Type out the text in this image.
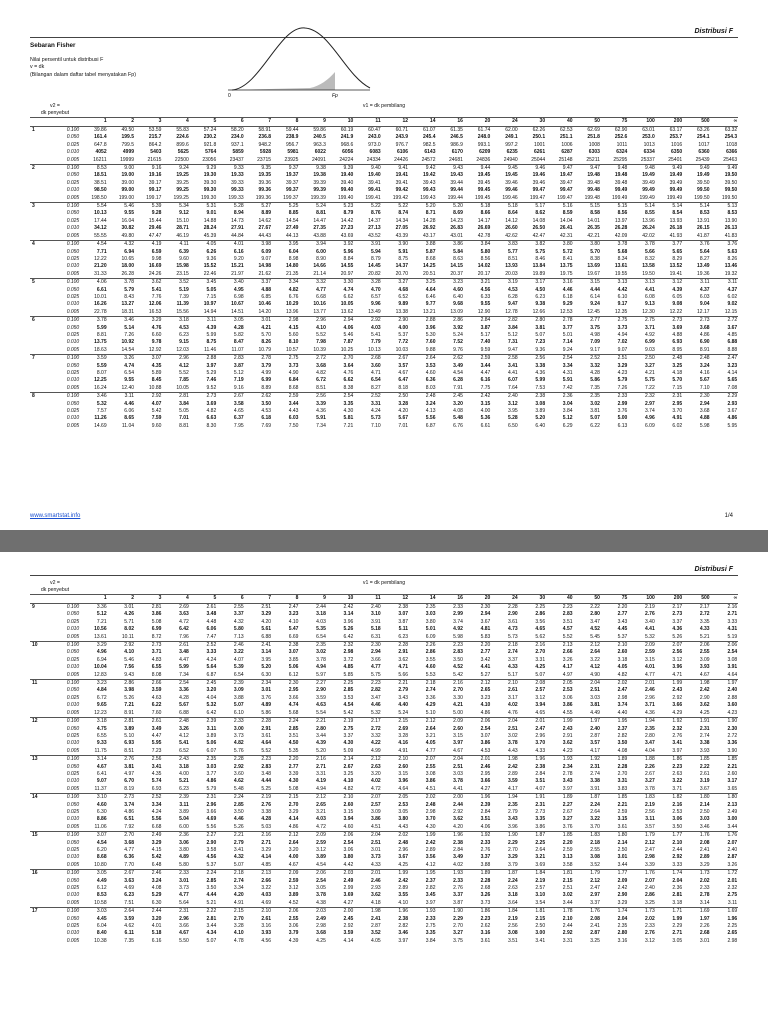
Distribusi F
Sebaran Fisher
Nilai persentil untuk distribusi F
v = dk
(Bilangan dalam daftar tabel menyatakan Fp)
0	Fp
v2 =	v1 = dk pembilang
dk penyebut
		1	2	3	4	5	6	7	8	9	10	11	12	14	16	20	24	30	40	50	75	100	200	500	∞
1	0.100	39.86	49.50	53.59	55.83	57.24	58.20	58.91	59.44	59.86	60.19	60.47	60.71	61.07	61.35	61.74	62.00	62.26	62.53	62.69	62.90	63.01	63.17	63.26	63.32
	0.050	161.4	199.5	215.7	224.6	230.2	234.0	236.8	238.9	240.5	241.9	243.0	243.9	245.4	246.5	248.0	249.1	250.1	251.1	251.8	252.6	253.0	253.7	254.1	254.3
	0.025	647.8	799.5	864.2	899.6	921.8	937.1	948.2	956.7	963.3	968.6	973.0	976.7	982.5	986.9	993.1	997.2	1001	1006	1008	1011	1013	1016	1017	1018
	0.010	4052	4999	5403	5625	5764	5859	5928	5981	6022	6056	6083	6106	6143	6170	6209	6235	6261	6287	6303	6324	6334	6350	6360	6366
	0.005	16211	19999	21615	22500	23056	23437	23715	23925	24091	24224	24334	24426	24572	24681	24836	24940	25044	25148	25211	25295	25337	25401	25439	25463
2	0.100	8.53	9.00	9.16	9.24	9.29	9.33	9.35	9.37	9.38	9.39	9.40	9.41	9.42	9.43	9.44	9.45	9.46	9.47	9.47	9.48	9.48	9.49	9.49	9.49
	0.050	18.51	19.00	19.16	19.25	19.30	19.33	19.35	19.37	19.38	19.40	19.40	19.41	19.42	19.43	19.45	19.45	19.46	19.47	19.48	19.48	19.49	19.49	19.49	19.50
	0.025	38.51	39.00	39.17	39.25	39.30	39.33	39.36	39.37	39.39	39.40	39.41	39.41	39.43	39.44	39.45	39.46	39.46	39.47	39.48	39.48	39.49	39.49	39.50	39.50
	0.010	98.50	99.00	99.17	99.25	99.30	99.33	99.36	99.37	99.39	99.40	99.41	99.42	99.43	99.44	99.45	99.46	99.47	99.47	99.48	99.49	99.49	99.49	99.50	99.50
	0.005	198.50	199.00	199.17	199.25	199.30	199.33	199.36	199.37	199.39	199.40	199.41	199.42	199.43	199.44	199.45	199.46	199.47	199.47	199.48	199.49	199.49	199.49	199.50	199.50
3	0.100	5.54	5.46	5.39	5.34	5.31	5.28	5.27	5.25	5.24	5.23	5.22	5.22	5.20	5.20	5.18	5.18	5.17	5.16	5.15	5.15	5.14	5.14	5.14	5.13
	0.050	10.13	9.55	9.28	9.12	9.01	8.94	8.89	8.85	8.81	8.79	8.76	8.74	8.71	8.69	8.66	8.64	8.62	8.59	8.58	8.56	8.55	8.54	8.53	8.53
	0.025	17.44	16.04	15.44	15.10	14.88	14.73	14.62	14.54	14.47	14.42	14.37	14.34	14.28	14.23	14.17	14.12	14.08	14.04	14.01	13.97	13.96	13.93	13.91	13.90
	0.010	34.12	30.82	29.46	28.71	28.24	27.91	27.67	27.49	27.35	27.23	27.13	27.05	26.92	26.83	26.69	26.60	26.50	26.41	26.35	26.28	26.24	26.18	26.15	26.13
	0.005	55.55	49.80	47.47	46.19	45.39	44.84	44.43	44.13	43.88	43.69	43.52	43.39	43.17	43.01	42.78	42.62	42.47	42.31	42.21	42.09	42.02	41.93	41.87	41.83
4	0.100	4.54	4.32	4.19	4.11	4.05	4.01	3.98	3.95	3.94	3.92	3.91	3.90	3.88	3.86	3.84	3.83	3.82	3.80	3.80	3.78	3.78	3.77	3.76	3.76
	0.050	7.71	6.94	6.59	6.39	6.26	6.16	6.09	6.04	6.00	5.96	5.94	5.91	5.87	5.84	5.80	5.77	5.75	5.72	5.70	5.68	5.66	5.65	5.64	5.63
	0.025	12.22	10.65	9.98	9.60	9.36	9.20	9.07	8.98	8.90	8.84	8.79	8.75	8.68	8.63	8.56	8.51	8.46	8.41	8.38	8.34	8.32	8.29	8.27	8.26
	0.010	21.20	18.00	16.69	15.98	15.52	15.21	14.98	14.80	14.66	14.55	14.45	14.37	14.25	14.15	14.02	13.93	13.84	13.75	13.69	13.61	13.58	13.52	13.49	13.46
	0.005	31.33	26.28	24.26	23.15	22.46	21.97	21.62	21.35	21.14	20.97	20.82	20.70	20.51	20.37	20.17	20.03	19.89	19.75	19.67	19.55	19.50	19.41	19.36	19.32
5	0.100	4.06	3.78	3.62	3.52	3.45	3.40	3.37	3.34	3.32	3.30	3.28	3.27	3.25	3.23	3.21	3.19	3.17	3.16	3.15	3.13	3.13	3.12	3.11	3.11
	0.050	6.61	5.79	5.41	5.19	5.05	4.95	4.88	4.82	4.77	4.74	4.70	4.68	4.64	4.60	4.56	4.53	4.50	4.46	4.44	4.42	4.41	4.39	4.37	4.37
	0.025	10.01	8.43	7.76	7.39	7.15	6.98	6.85	6.76	6.68	6.62	6.57	6.52	6.46	6.40	6.33	6.28	6.23	6.18	6.14	6.10	6.08	6.05	6.03	6.02
	0.010	16.26	13.27	12.06	11.39	10.97	10.67	10.46	10.29	10.16	10.05	9.96	9.89	9.77	9.68	9.55	9.47	9.38	9.29	9.24	9.17	9.13	9.08	9.04	9.02
	0.005	22.78	18.31	16.53	15.56	14.94	14.51	14.20	13.96	13.77	13.62	13.49	13.38	13.21	13.09	12.90	12.78	12.66	12.53	12.45	12.35	12.30	12.22	12.17	12.15
6	0.100	3.78	3.46	3.29	3.18	3.11	3.05	3.01	2.98	2.96	2.94	2.92	2.90	2.88	2.86	2.84	2.82	2.80	2.78	2.77	2.75	2.75	2.73	2.73	2.72
	0.050	5.99	5.14	4.76	4.53	4.39	4.28	4.21	4.15	4.10	4.06	4.03	4.00	3.96	3.92	3.87	3.84	3.81	3.77	3.75	3.73	3.71	3.69	3.68	3.67
	0.025	8.81	7.26	6.60	6.23	5.99	5.82	5.70	5.60	5.52	5.46	5.41	5.37	5.30	5.24	5.17	5.12	5.07	5.01	4.98	4.94	4.92	4.88	4.86	4.85
	0.010	13.75	10.92	9.78	9.15	8.75	8.47	8.26	8.10	7.98	7.87	7.79	7.72	7.60	7.52	7.40	7.31	7.23	7.14	7.09	7.02	6.99	6.93	6.90	6.88
	0.005	18.63	14.54	12.92	12.03	11.46	11.07	10.79	10.57	10.39	10.25	10.13	10.03	9.88	9.76	9.59	9.47	9.36	9.24	9.17	9.07	9.03	8.95	8.91	8.88
7	0.100	3.59	3.26	3.07	2.96	2.88	2.83	2.78	2.75	2.72	2.70	2.68	2.67	2.64	2.62	2.59	2.58	2.56	2.54	2.52	2.51	2.50	2.48	2.48	2.47
	0.050	5.59	4.74	4.35	4.12	3.97	3.87	3.79	3.73	3.68	3.64	3.60	3.57	3.53	3.49	3.44	3.41	3.38	3.34	3.32	3.29	3.27	3.25	3.24	3.23
	0.025	8.07	6.54	5.89	5.52	5.29	5.12	4.99	4.90	4.82	4.76	4.71	4.67	4.60	4.54	4.47	4.41	4.36	4.31	4.28	4.23	4.21	4.18	4.16	4.14
	0.010	12.25	9.55	8.45	7.85	7.46	7.19	6.99	6.84	6.72	6.62	6.54	6.47	6.36	6.28	6.16	6.07	5.99	5.91	5.86	5.79	5.75	5.70	5.67	5.65
	0.005	16.24	12.40	10.88	10.05	9.52	9.16	8.89	8.68	8.51	8.38	8.27	8.18	8.03	7.91	7.75	7.64	7.53	7.42	7.35	7.26	7.22	7.15	7.10	7.08
8	0.100	3.46	3.11	2.92	2.81	2.73	2.67	2.62	2.59	2.56	2.54	2.52	2.50	2.48	2.45	2.42	2.40	2.38	2.36	2.35	2.33	2.32	2.31	2.30	2.29
	0.050	5.32	4.46	4.07	3.84	3.69	3.58	3.50	3.44	3.39	3.35	3.31	3.28	3.24	3.20	3.15	3.12	3.08	3.04	3.02	2.99	2.97	2.95	2.94	2.93
	0.025	7.57	6.06	5.42	5.05	4.82	4.65	4.53	4.43	4.36	4.30	4.24	4.20	4.13	4.08	4.00	3.95	3.89	3.84	3.81	3.76	3.74	3.70	3.68	3.67
	0.010	11.26	8.65	7.59	7.01	6.63	6.37	6.18	6.03	5.91	5.81	5.73	5.67	5.56	5.48	5.36	5.28	5.20	5.12	5.07	5.00	4.96	4.91	4.88	4.86
	0.005	14.69	11.04	9.60	8.81	8.30	7.95	7.69	7.50	7.34	7.21	7.10	7.01	6.87	6.76	6.61	6.50	6.40	6.29	6.22	6.13	6.09	6.02	5.98	5.95
www.smartstat.info	1/4
Distribusi F
v2 =	v1 = dk pembilang
dk penyebut
		1	2	3	4	5	6	7	8	9	10	11	12	14	16	20	24	30	40	50	75	100	200	500	∞
9	0.100	3.36	3.01	2.81	2.69	2.61	2.55	2.51	2.47	2.44	2.42	2.40	2.38	2.35	2.33	2.30	2.28	2.25	2.23	2.22	2.20	2.19	2.17	2.17	2.16
	0.050	5.12	4.26	3.86	3.63	3.48	3.37	3.29	3.23	3.18	3.14	3.10	3.07	3.03	2.99	2.94	2.90	2.86	2.83	2.80	2.77	2.76	2.73	2.72	2.71
	0.025	7.21	5.71	5.08	4.72	4.48	4.32	4.20	4.10	4.03	3.96	3.91	3.87	3.80	3.74	3.67	3.61	3.56	3.51	3.47	3.43	3.40	3.37	3.35	3.33
	0.010	10.56	8.02	6.99	6.42	6.06	5.80	5.61	5.47	5.35	5.26	5.18	5.11	5.01	4.92	4.81	4.73	4.65	4.57	4.52	4.45	4.41	4.36	4.33	4.31
	0.005	13.61	10.11	8.72	7.96	7.47	7.13	6.88	6.69	6.54	6.42	6.31	6.23	6.09	5.98	5.83	5.73	5.62	5.52	5.45	5.37	5.32	5.26	5.21	5.19
10	0.100	3.29	2.92	2.73	2.61	2.52	2.46	2.41	2.38	2.35	2.32	2.30	2.28	2.26	2.23	2.20	2.18	2.16	2.13	2.12	2.10	2.09	2.07	2.06	2.06
	0.050	4.96	4.10	3.71	3.48	3.33	3.22	3.14	3.07	3.02	2.98	2.94	2.91	2.86	2.83	2.77	2.74	2.70	2.66	2.64	2.60	2.59	2.56	2.55	2.54
	0.025	6.94	5.46	4.83	4.47	4.24	4.07	3.95	3.85	3.78	3.72	3.66	3.62	3.55	3.50	3.42	3.37	3.31	3.26	3.22	3.18	3.15	3.12	3.09	3.08
	0.010	10.04	7.56	6.55	5.99	5.64	5.39	5.20	5.06	4.94	4.85	4.77	4.71	4.60	4.52	4.41	4.33	4.25	4.17	4.12	4.05	4.01	3.96	3.93	3.91
	0.005	12.83	9.43	8.08	7.34	6.87	6.54	6.30	6.12	5.97	5.85	5.75	5.66	5.53	5.42	5.27	5.17	5.07	4.97	4.90	4.82	4.77	4.71	4.67	4.64
11	0.100	3.23	2.86	2.66	2.54	2.45	2.39	2.34	2.30	2.27	2.25	2.23	2.21	2.18	2.16	2.12	2.10	2.08	2.05	2.04	2.02	2.01	1.99	1.98	1.97
	0.050	4.84	3.98	3.59	3.36	3.20	3.09	3.01	2.95	2.90	2.85	2.82	2.79	2.74	2.70	2.65	2.61	2.57	2.53	2.51	2.47	2.46	2.43	2.42	2.40
	0.025	6.72	5.26	4.63	4.28	4.04	3.88	3.76	3.66	3.59	3.53	3.47	3.43	3.36	3.30	3.23	3.17	3.12	3.06	3.03	2.98	2.96	2.92	2.90	2.88
	0.010	9.65	7.21	6.22	5.67	5.32	5.07	4.89	4.74	4.63	4.54	4.46	4.40	4.29	4.21	4.10	4.02	3.94	3.86	3.81	3.74	3.71	3.66	3.62	3.60
	0.005	12.23	8.91	7.60	6.88	6.42	6.10	5.86	5.68	5.54	5.42	5.32	5.24	5.10	5.00	4.86	4.76	4.65	4.55	4.49	4.40	4.36	4.29	4.25	4.23
12	0.100	3.18	2.81	2.61	2.48	2.39	2.33	2.28	2.24	2.21	2.19	2.17	2.15	2.12	2.09	2.06	2.04	2.01	1.99	1.97	1.95	1.94	1.92	1.91	1.90
	0.050	4.75	3.89	3.49	3.26	3.11	3.00	2.91	2.85	2.80	2.75	2.72	2.69	2.64	2.60	2.54	2.51	2.47	2.43	2.40	2.37	2.35	2.32	2.31	2.30
	0.025	6.55	5.10	4.47	4.12	3.89	3.73	3.61	3.51	3.44	3.37	3.32	3.28	3.21	3.15	3.07	3.02	2.96	2.91	2.87	2.82	2.80	2.76	2.74	2.72
	0.010	9.33	6.93	5.95	5.41	5.06	4.82	4.64	4.50	4.39	4.30	4.22	4.16	4.05	3.97	3.86	3.78	3.70	3.62	3.57	3.50	3.47	3.41	3.38	3.36
	0.005	11.75	8.51	7.23	6.52	6.07	5.76	5.52	5.35	5.20	5.09	4.99	4.91	4.77	4.67	4.53	4.43	4.33	4.23	4.17	4.08	4.04	3.97	3.93	3.90
13	0.100	3.14	2.76	2.56	2.43	2.35	2.28	2.23	2.20	2.16	2.14	2.12	2.10	2.07	2.04	2.01	1.98	1.96	1.93	1.92	1.89	1.88	1.86	1.85	1.85
	0.050	4.67	3.81	3.41	3.18	3.03	2.92	2.83	2.77	2.71	2.67	2.63	2.60	2.55	2.51	2.46	2.42	2.38	2.34	2.31	2.28	2.26	2.23	2.22	2.21
	0.025	6.41	4.97	4.35	4.00	3.77	3.60	3.48	3.39	3.31	3.25	3.20	3.15	3.08	3.03	2.95	2.89	2.84	2.78	2.74	2.70	2.67	2.63	2.61	2.60
	0.010	9.07	6.70	5.74	5.21	4.86	4.62	4.44	4.30	4.19	4.10	4.02	3.96	3.86	3.78	3.66	3.59	3.51	3.43	3.38	3.31	3.27	3.22	3.19	3.17
	0.005	11.37	8.19	6.93	6.23	5.79	5.48	5.25	5.08	4.94	4.82	4.72	4.64	4.51	4.41	4.27	4.17	4.07	3.97	3.91	3.83	3.78	3.71	3.67	3.65
14	0.100	3.10	2.73	2.52	2.39	2.31	2.24	2.19	2.15	2.12	2.10	2.07	2.05	2.02	2.00	1.96	1.94	1.91	1.89	1.87	1.85	1.83	1.82	1.80	1.80
	0.050	4.60	3.74	3.34	3.11	2.96	2.85	2.76	2.70	2.65	2.60	2.57	2.53	2.48	2.44	2.39	2.35	2.31	2.27	2.24	2.21	2.19	2.16	2.14	2.13
	0.025	6.30	4.86	4.24	3.89	3.66	3.50	3.38	3.29	3.21	3.15	3.09	3.05	2.98	2.92	2.84	2.79	2.73	2.67	2.64	2.59	2.56	2.53	2.50	2.49
	0.010	8.86	6.51	5.56	5.04	4.69	4.46	4.28	4.14	4.03	3.94	3.86	3.80	3.70	3.62	3.51	3.43	3.35	3.27	3.22	3.15	3.11	3.06	3.03	3.00
	0.005	11.06	7.92	6.68	6.00	5.56	5.26	5.03	4.86	4.72	4.60	4.51	4.43	4.30	4.20	4.06	3.96	3.86	3.76	3.70	3.61	3.57	3.50	3.46	3.44
15	0.100	3.07	2.70	2.49	2.36	2.27	2.21	2.16	2.12	2.09	2.06	2.04	2.02	1.99	1.96	1.92	1.90	1.87	1.85	1.83	1.80	1.79	1.77	1.76	1.76
	0.050	4.54	3.68	3.29	3.06	2.90	2.79	2.71	2.64	2.59	2.54	2.51	2.48	2.42	2.38	2.33	2.29	2.25	2.20	2.18	2.14	2.12	2.10	2.08	2.07
	0.025	6.20	4.77	4.15	3.80	3.58	3.41	3.29	3.20	3.12	3.06	3.01	2.96	2.89	2.84	2.76	2.70	2.64	2.59	2.55	2.50	2.47	2.44	2.41	2.40
	0.010	8.68	6.36	5.42	4.89	4.56	4.32	4.14	4.00	3.89	3.80	3.73	3.67	3.56	3.49	3.37	3.29	3.21	3.13	3.08	3.01	2.98	2.92	2.89	2.87
	0.005	10.80	7.70	6.48	5.80	5.37	5.07	4.85	4.67	4.54	4.42	4.33	4.25	4.12	4.02	3.88	3.79	3.69	3.58	3.52	3.44	3.39	3.33	3.29	3.26
16	0.100	3.05	2.67	2.46	2.33	2.24	2.18	2.13	2.09	2.06	2.03	2.01	1.99	1.95	1.93	1.89	1.87	1.84	1.81	1.79	1.77	1.76	1.74	1.73	1.72
	0.050	4.49	3.63	3.24	3.01	2.85	2.74	2.66	2.59	2.54	2.49	2.46	2.42	2.37	2.33	2.28	2.24	2.19	2.15	2.12	2.09	2.07	2.04	2.02	2.01
	0.025	6.12	4.69	4.08	3.73	3.50	3.34	3.22	3.12	3.05	2.99	2.93	2.89	2.82	2.76	2.68	2.63	2.57	2.51	2.47	2.42	2.40	2.36	2.33	2.32
	0.010	8.53	6.23	5.29	4.77	4.44	4.20	4.03	3.89	3.78	3.69	3.62	3.55	3.45	3.37	3.26	3.18	3.10	3.02	2.97	2.90	2.86	2.81	2.78	2.75
	0.005	10.58	7.51	6.30	5.64	5.21	4.91	4.69	4.52	4.38	4.27	4.18	4.10	3.97	3.87	3.73	3.64	3.54	3.44	3.37	3.29	3.25	3.18	3.14	3.11
17	0.100	3.03	2.64	2.44	2.31	2.22	2.15	2.10	2.06	2.03	2.00	1.98	1.96	1.93	1.90	1.86	1.84	1.81	1.78	1.76	1.74	1.73	1.71	1.69	1.69
	0.050	4.45	3.59	3.20	2.96	2.81	2.70	2.61	2.55	2.49	2.45	2.41	2.38	2.33	2.29	2.23	2.19	2.15	2.10	2.08	2.04	2.02	1.99	1.97	1.96
	0.025	6.04	4.62	4.01	3.66	3.44	3.28	3.16	3.06	2.98	2.92	2.87	2.82	2.75	2.70	2.62	2.56	2.50	2.44	2.41	2.35	2.33	2.29	2.26	2.25
	0.010	8.40	6.11	5.18	4.67	4.34	4.10	3.93	3.79	3.68	3.59	3.52	3.46	3.35	3.27	3.16	3.08	3.00	2.92	2.87	2.80	2.76	2.71	2.68	2.65
	0.005	10.38	7.35	6.16	5.50	5.07	4.78	4.56	4.39	4.25	4.14	4.05	3.97	3.84	3.75	3.61	3.51	3.41	3.31	3.25	3.16	3.12	3.05	3.01	2.98
